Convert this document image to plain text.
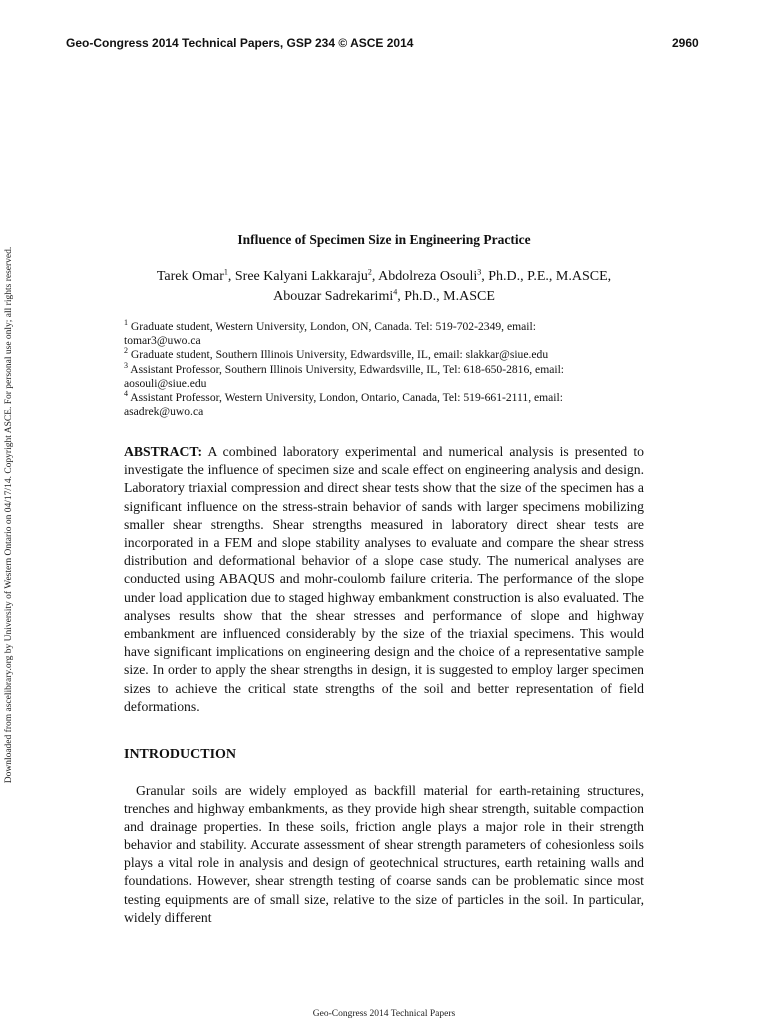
Geo-Congress 2014 Technical Papers, GSP 234 © ASCE 2014	2960
Downloaded from ascelibrary.org by University of Western Ontario on 04/17/14. Copyright ASCE. For personal use only; all rights reserved.
Influence of Specimen Size in Engineering Practice
Tarek Omar$^1$, Sree Kalyani Lakkaraju$^2$, Abdolreza Osouli$^3$, Ph.D., P.E., M.ASCE,
Abouzar Sadrekarimi$^4$, Ph.D., M.ASCE

$^1$ Graduate student, Western University, London, ON, Canada. Tel: 519-702-2349, email:
tomar3@uwo.ca

$^2$ Graduate student, Southern Illinois University, Edwardsville, IL, email: slakkar@siue.edu

$^3$ Assistant Professor, Southern Illinois University, Edwardsville, IL, Tel: 618-650-2816, email:
aosouli@siue.edu

$^4$ Assistant Professor, Western University, London, Ontario, Canada, Tel: 519-661-2111, email:
asadrek@uwo.ca

ABSTRACT: A combined laboratory experimental and numerical analysis is presented to investigate the influence of specimen size and scale effect on engineering analysis and design. Laboratory triaxial compression and direct shear tests show that the size of the specimen has a significant influence on the stress-strain behavior of sands with larger specimens mobilizing smaller shear strengths. Shear strengths measured in laboratory direct shear tests are incorporated in a FEM and slope stability analyses to evaluate and compare the shear stress distribution and deformational behavior of a slope case study. The numerical analyses are conducted using ABAQUS and mohr-coulomb failure criteria. The performance of the slope under load application due to staged highway embankment construction is also evaluated. The analyses results show that the shear stresses and performance of slope and highway embankment are influenced considerably by the size of the triaxial specimens. This would have significant implications on engineering design and the choice of a representative sample size. In order to apply the shear strengths in design, it is suggested to employ larger specimen sizes to achieve the critical state strengths of the soil and better representation of field deformations.
INTRODUCTION
Granular soils are widely employed as backfill material for earth-retaining structures, trenches and highway embankments, as they provide high shear strength, suitable compaction and drainage properties. In these soils, friction angle plays a major role in their strength behavior and stability. Accurate assessment of shear strength parameters of cohesionless soils plays a vital role in analysis and design of geotechnical structures, earth retaining walls and foundations. However, shear strength testing of coarse sands can be problematic since most testing equipments are of small size, relative to the size of particles in the soil. In particular, widely different
Geo-Congress 2014 Technical Papers
